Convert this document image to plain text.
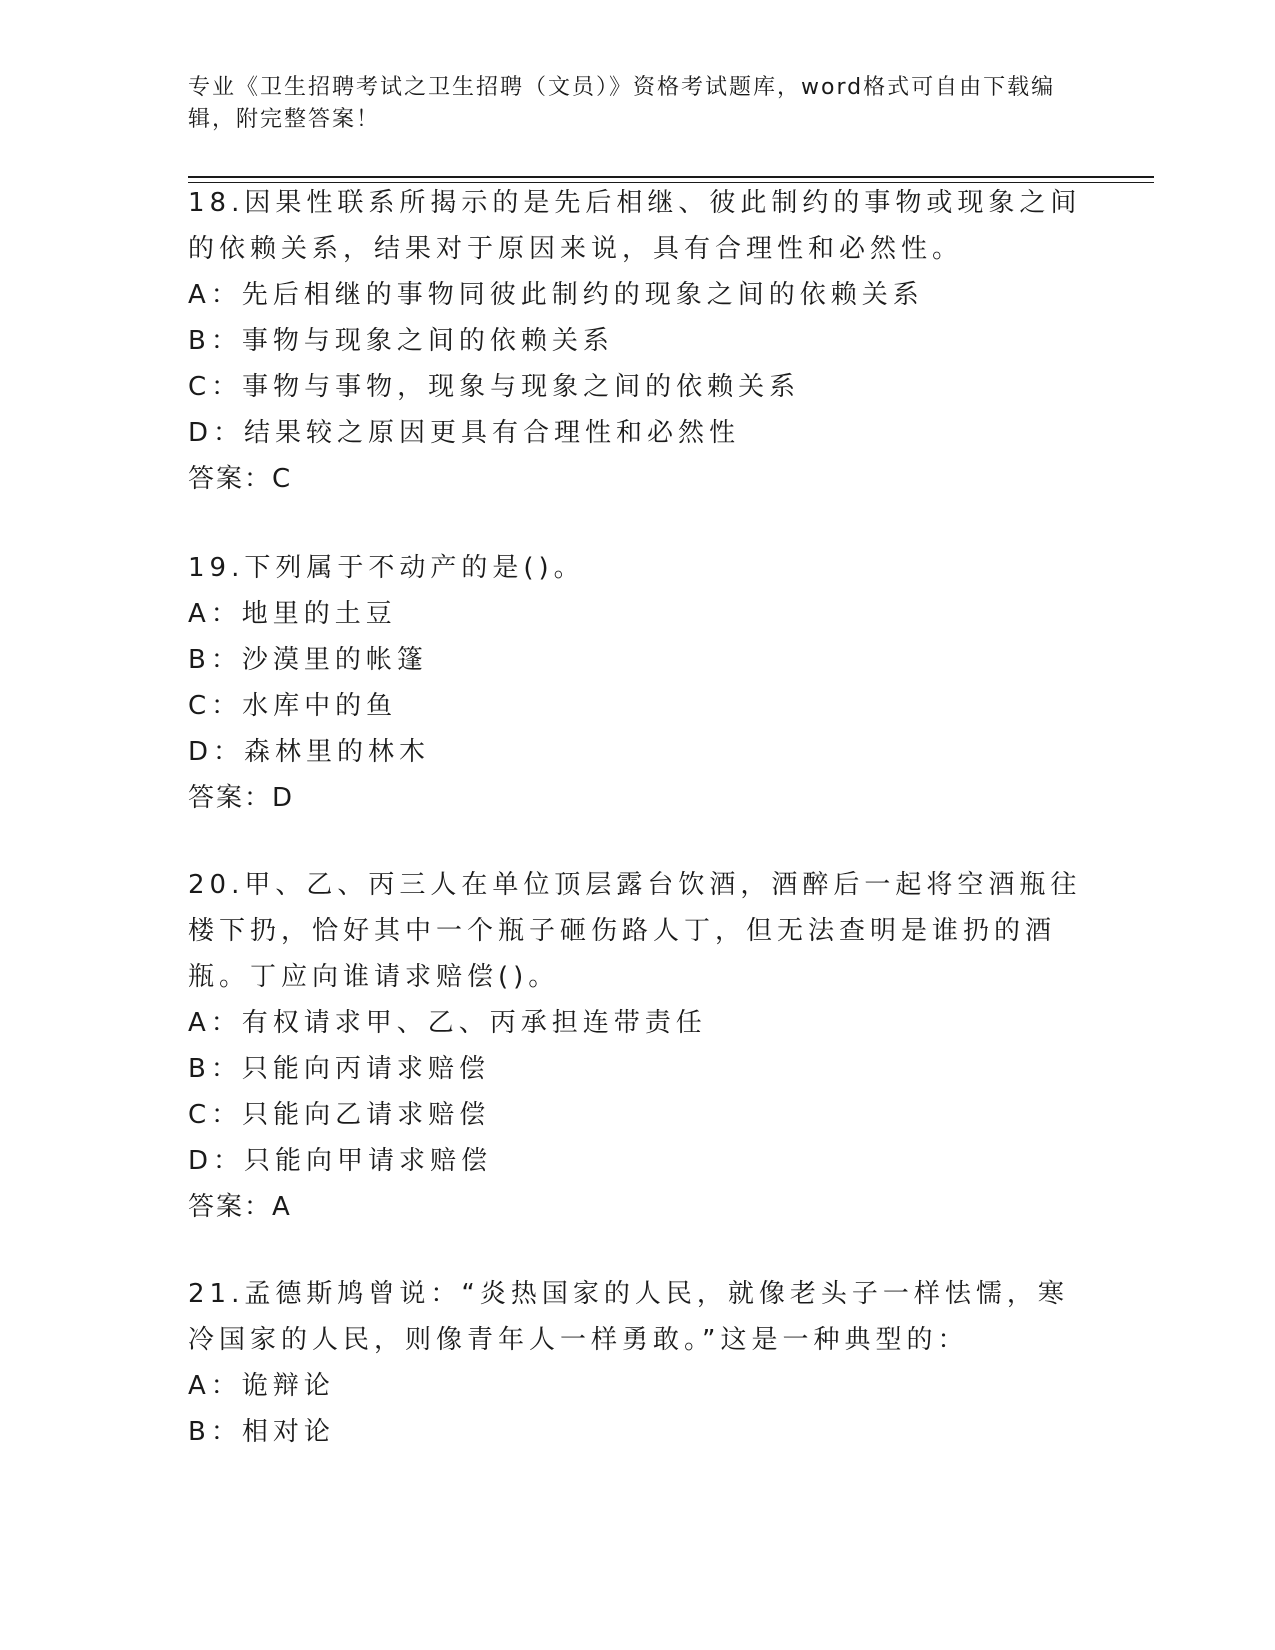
专业《卫生招聘考试之卫生招聘（文员）》资格考试题库，word格式可自由下载编辑，附完整答案！
18.因果性联系所揭示的是先后相继、彼此制约的事物或现象之间的依赖关系，结果对于原因来说，具有合理性和必然性。
A：先后相继的事物同彼此制约的现象之间的依赖关系
B：事物与现象之间的依赖关系
C：事物与事物，现象与现象之间的依赖关系
D：结果较之原因更具有合理性和必然性
答案：C
19.下列属于不动产的是()。
A：地里的土豆
B：沙漠里的帐篷
C：水库中的鱼
D：森林里的林木
答案：D
20.甲、乙、丙三人在单位顶层露台饮酒，酒醉后一起将空酒瓶往楼下扔，恰好其中一个瓶子砸伤路人丁，但无法查明是谁扔的酒瓶。丁应向谁请求赔偿()。
A：有权请求甲、乙、丙承担连带责任
B：只能向丙请求赔偿
C：只能向乙请求赔偿
D：只能向甲请求赔偿
答案：A
21.孟德斯鸠曾说：“炎热国家的人民，就像老头子一样怯懦，寒冷国家的人民，则像青年人一样勇敢。”这是一种典型的：
A：诡辩论
B：相对论
